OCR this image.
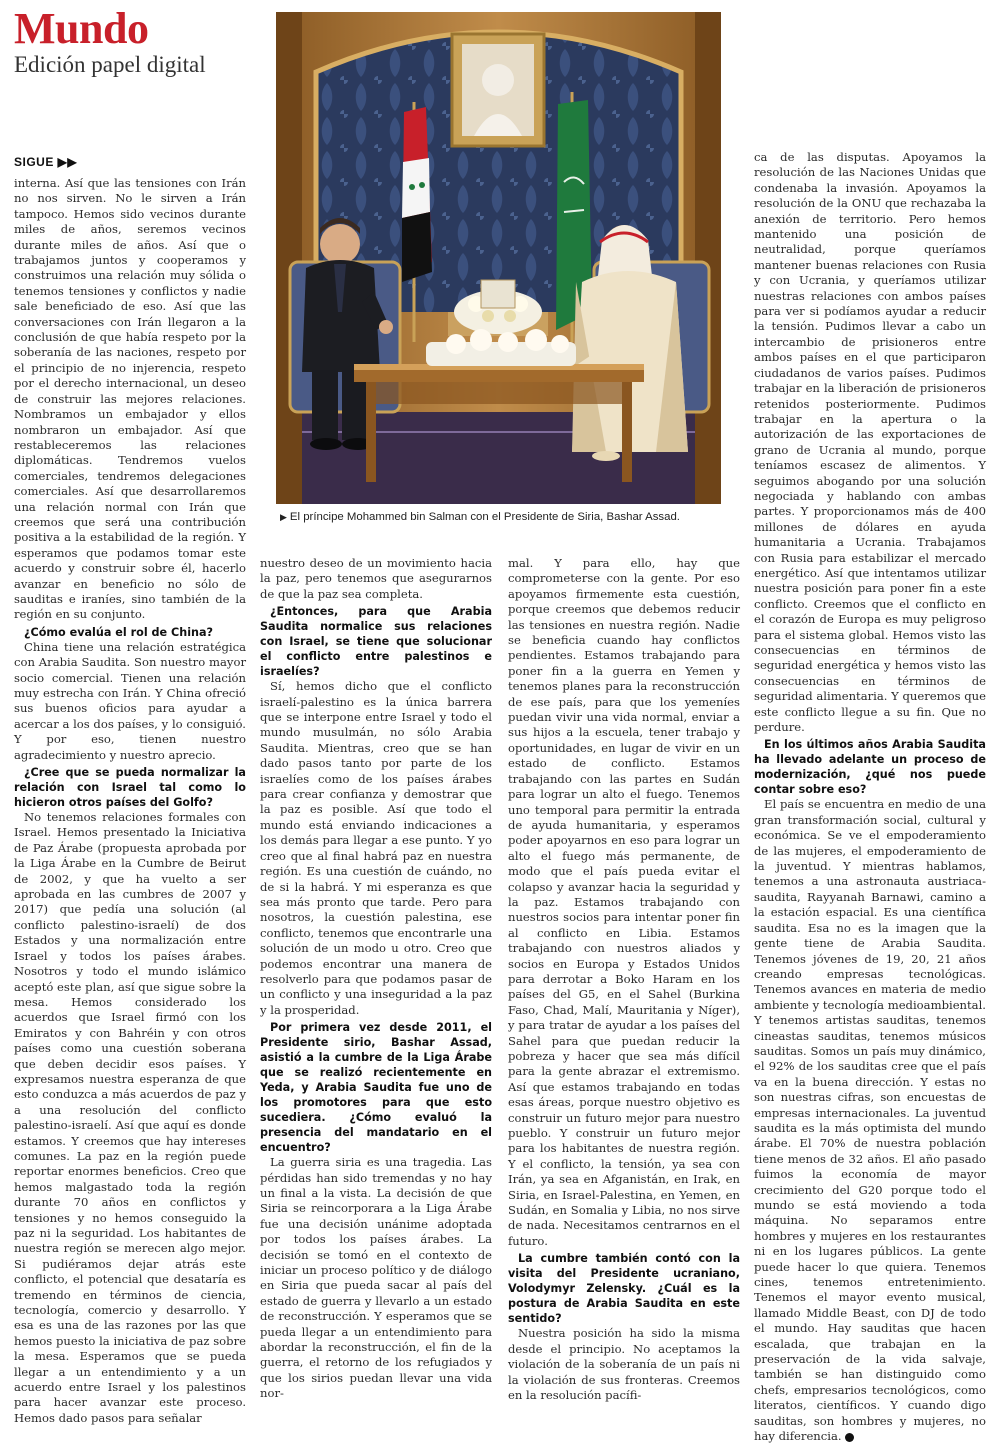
Mundo
Edición papel digital
SIGUE ▶▶
▶ El príncipe Mohammed bin Salman con el Presidente de Siria, Bashar Assad.

interna. Así que las tensiones con Irán no nos sirven. No le sirven a Irán tampoco. Hemos sido vecinos durante miles de años, seremos vecinos durante miles de años. Así que o trabajamos juntos y cooperamos y construimos una relación muy sólida o tenemos tensiones y conflictos y nadie sale beneficiado de eso. Así que las conversaciones con Irán llegaron a la conclusión de que había respeto por la soberanía de las naciones, respeto por el principio de no injerencia, respeto por el derecho internacional, un deseo de construir las mejores relaciones. Nombramos un embajador y ellos nombraron un embajador. Así que restableceremos las relaciones diplomáticas. Tendremos vuelos comerciales, tendremos delegaciones comerciales. Así que desarrollaremos una relación normal con Irán que creemos que será una contribución positiva a la estabilidad de la región. Y esperamos que podamos tomar este acuerdo y construir sobre él, hacerlo avanzar en beneficio no sólo de sauditas e iraníes, sino también de la región en su conjunto.

¿Cómo evalúa el rol de China?

China tiene una relación estratégica con Arabia Saudita. Son nuestro mayor socio comercial. Tienen una relación muy estrecha con Irán. Y China ofreció sus buenos oficios para ayudar a acercar a los dos países, y lo consiguió. Y por eso, tienen nuestro agradecimiento y nuestro aprecio.

¿Cree que se pueda normalizar la relación con Israel tal como lo hicieron otros países del Golfo?

No tenemos relaciones formales con Israel. Hemos presentado la Iniciativa de Paz Árabe (propuesta aprobada por la Liga Árabe en la Cumbre de Beirut de 2002, y que ha vuelto a ser aprobada en las cumbres de 2007 y 2017) que pedía una solución (al conflicto palestino-israelí) de dos Estados y una normalización entre Israel y todos los países árabes. Nosotros y todo el mundo islámico aceptó este plan, así que sigue sobre la mesa. Hemos considerado los acuerdos que Israel firmó con los Emiratos y con Bahréin y con otros países como una cuestión soberana que deben decidir esos países. Y expresamos nuestra esperanza de que esto conduzca a más acuerdos de paz y a una resolución del conflicto palestino-israelí. Así que aquí es donde estamos. Y creemos que hay intereses comunes. La paz en la región puede reportar enormes beneficios. Creo que hemos malgastado toda la región durante 70 años en conflictos y tensiones y no hemos conseguido la paz ni la seguridad. Los habitantes de nuestra región se merecen algo mejor. Si pudiéramos dejar atrás este conflicto, el potencial que desataría es tremendo en términos de ciencia, tecnología, comercio y desarrollo. Y esa es una de las razones por las que hemos puesto la iniciativa de paz sobre la mesa. Esperamos que se pueda llegar a un entendimiento y a un acuerdo entre Israel y los palestinos para hacer avanzar este proceso. Hemos dado pasos para señalar

nuestro deseo de un movimiento hacia la paz, pero tenemos que asegurarnos de que la paz sea completa.

¿Entonces, para que Arabia Saudita normalice sus relaciones con Israel, se tiene que solucionar el conflicto entre palestinos e israelíes?

Sí, hemos dicho que el conflicto israelí-palestino es la única barrera que se interpone entre Israel y todo el mundo musulmán, no sólo Arabia Saudita. Mientras, creo que se han dado pasos tanto por parte de los israelíes como de los países árabes para crear confianza y demostrar que la paz es posible. Así que todo el mundo está enviando indicaciones a los demás para llegar a ese punto. Y yo creo que al final habrá paz en nuestra región. Es una cuestión de cuándo, no de si la habrá. Y mi esperanza es que sea más pronto que tarde. Pero para nosotros, la cuestión palestina, ese conflicto, tenemos que encontrarle una solución de un modo u otro. Creo que podemos encontrar una manera de resolverlo para que podamos pasar de un conflicto y una inseguridad a la paz y la prosperidad.

Por primera vez desde 2011, el Presidente sirio, Bashar Assad, asistió a la cumbre de la Liga Árabe que se realizó recientemente en Yeda, y Arabia Saudita fue uno de los promotores para que esto sucediera. ¿Cómo evaluó la presencia del mandatario en el encuentro?

La guerra siria es una tragedia. Las pérdidas han sido tremendas y no hay un final a la vista. La decisión de que Siria se reincorporara a la Liga Árabe fue una decisión unánime adoptada por todos los países árabes. La decisión se tomó en el contexto de iniciar un proceso político y de diálogo en Siria que pueda sacar al país del estado de guerra y llevarlo a un estado de reconstrucción. Y esperamos que se pueda llegar a un entendimiento para abordar la reconstrucción, el fin de la guerra, el retorno de los refugiados y que los sirios puedan llevar una vida nor-

mal. Y para ello, hay que comprometerse con la gente. Por eso apoyamos firmemente esta cuestión, porque creemos que debemos reducir las tensiones en nuestra región. Nadie se beneficia cuando hay conflictos pendientes. Estamos trabajando para poner fin a la guerra en Yemen y tenemos planes para la reconstrucción de ese país, para que los yemeníes puedan vivir una vida normal, enviar a sus hijos a la escuela, tener trabajo y oportunidades, en lugar de vivir en un estado de conflicto. Estamos trabajando con las partes en Sudán para lograr un alto el fuego. Tenemos uno temporal para permitir la entrada de ayuda humanitaria, y esperamos poder apoyarnos en eso para lograr un alto el fuego más permanente, de modo que el país pueda evitar el colapso y avanzar hacia la seguridad y la paz. Estamos trabajando con nuestros socios para intentar poner fin al conflicto en Libia. Estamos trabajando con nuestros aliados y socios en Europa y Estados Unidos para derrotar a Boko Haram en los países del G5, en el Sahel (Burkina Faso, Chad, Malí, Mauritania y Níger), y para tratar de ayudar a los países del Sahel para que puedan reducir la pobreza y hacer que sea más difícil para la gente abrazar el extremismo. Así que estamos trabajando en todas esas áreas, porque nuestro objetivo es construir un futuro mejor para nuestro pueblo. Y construir un futuro mejor para los habitantes de nuestra región. Y el conflicto, la tensión, ya sea con Irán, ya sea en Afganistán, en Irak, en Siria, en Israel-Palestina, en Yemen, en Sudán, en Somalia y Libia, no nos sirve de nada. Necesitamos centrarnos en el futuro.

La cumbre también contó con la visita del Presidente ucraniano, Volodymyr Zelensky. ¿Cuál es la postura de Arabia Saudita en este sentido?

Nuestra posición ha sido la misma desde el principio. No aceptamos la violación de la soberanía de un país ni la violación de sus fronteras. Creemos en la resolución pacífi-

ca de las disputas. Apoyamos la resolución de las Naciones Unidas que condenaba la invasión. Apoyamos la resolución de la ONU que rechazaba la anexión de territorio. Pero hemos mantenido una posición de neutralidad, porque queríamos mantener buenas relaciones con Rusia y con Ucrania, y queríamos utilizar nuestras relaciones con ambos países para ver si podíamos ayudar a reducir la tensión. Pudimos llevar a cabo un intercambio de prisioneros entre ambos países en el que participaron ciudadanos de varios países. Pudimos trabajar en la liberación de prisioneros retenidos posteriormente. Pudimos trabajar en la apertura o la autorización de las exportaciones de grano de Ucrania al mundo, porque teníamos escasez de alimentos. Y seguimos abogando por una solución negociada y hablando con ambas partes. Y proporcionamos más de 400 millones de dólares en ayuda humanitaria a Ucrania. Trabajamos con Rusia para estabilizar el mercado energético. Así que intentamos utilizar nuestra posición para poner fin a este conflicto. Creemos que el conflicto en el corazón de Europa es muy peligroso para el sistema global. Hemos visto las consecuencias en términos de seguridad energética y hemos visto las consecuencias en términos de seguridad alimentaria. Y queremos que este conflicto llegue a su fin. Que no perdure.

En los últimos años Arabia Saudita ha llevado adelante un proceso de modernización, ¿qué nos puede contar sobre eso?

El país se encuentra en medio de una gran transformación social, cultural y económica. Se ve el empoderamiento de las mujeres, el empoderamiento de la juventud. Y mientras hablamos, tenemos a una astronauta austriaca-saudita, Rayyanah Barnawi, camino a la estación espacial. Es una científica saudita. Esa no es la imagen que la gente tiene de Arabia Saudita. Tenemos jóvenes de 19, 20, 21 años creando empresas tecnológicas. Tenemos avances en materia de medio ambiente y tecnología medioambiental. Y tenemos artistas sauditas, tenemos cineastas sauditas, tenemos músicos sauditas. Somos un país muy dinámico, el 92% de los sauditas cree que el país va en la buena dirección. Y estas no son nuestras cifras, son encuestas de empresas internacionales. La juventud saudita es la más optimista del mundo árabe. El 70% de nuestra población tiene menos de 32 años. El año pasado fuimos la economía de mayor crecimiento del G20 porque todo el mundo se está moviendo a toda máquina. No separamos entre hombres y mujeres en los restaurantes ni en los lugares públicos. La gente puede hacer lo que quiera. Tenemos cines, tenemos entretenimiento. Tenemos el mayor evento musical, llamado Middle Beast, con DJ de todo el mundo. Hay sauditas que hacen escalada, que trabajan en la preservación de la vida salvaje, también se han distinguido como chefs, empresarios tecnológicos, como literatos, científicos. Y cuando digo sauditas, son hombres y mujeres, no hay diferencia.
